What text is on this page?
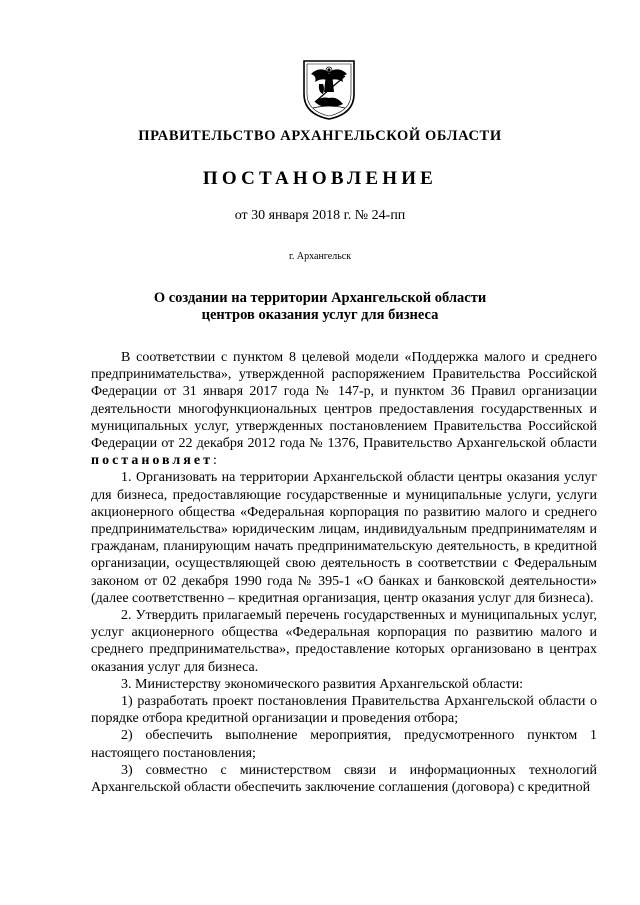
ПРАВИТЕЛЬСТВО АРХАНГЕЛЬСКОЙ ОБЛАСТИ
ПОСТАНОВЛЕНИЕ
от 30 января 2018 г. № 24-пп
г. Архангельск
О создании на территории Архангельской области
центров оказания услуг для бизнеса

В соответствии с пунктом 8 целевой модели «Поддержка малого и среднего предпринимательства», утвержденной распоряжением Правительства Российской Федерации от 31 января 2017 года № 147-р, и пунктом 36 Правил организации деятельности многофункциональных центров предоставления государственных и муниципальных услуг, утвержденных постановлением Правительства Российской Федерации от 22 декабря 2012 года № 1376, Правительство Архангельской области постановляет:

1. Организовать на территории Архангельской области центры оказания услуг для бизнеса, предоставляющие государственные и муниципальные услуги, услуги акционерного общества «Федеральная корпорация по развитию малого и среднего предпринимательства» юридическим лицам, индивидуальным предпринимателям и гражданам, планирующим начать предпринимательскую деятельность, в кредитной организации, осуществляющей свою деятельность в соответствии с Федеральным законом от 02 декабря 1990 года № 395-1 «О банках и банковской деятельности» (далее соответственно – кредитная организация, центр оказания услуг для бизнеса).

2. Утвердить прилагаемый перечень государственных и муниципальных услуг, услуг акционерного общества «Федеральная корпорация по развитию малого и среднего предпринимательства», предоставление которых организовано в центрах оказания услуг для бизнеса.

3. Министерству экономического развития Архангельской области:

1) разработать проект постановления Правительства Архангельской области о порядке отбора кредитной организации и проведения отбора;

2) обеспечить выполнение мероприятия, предусмотренного пунктом 1 настоящего постановления;

3) совместно с министерством связи и информационных технологий Архангельской области обеспечить заключение соглашения (договора) с кредитной
